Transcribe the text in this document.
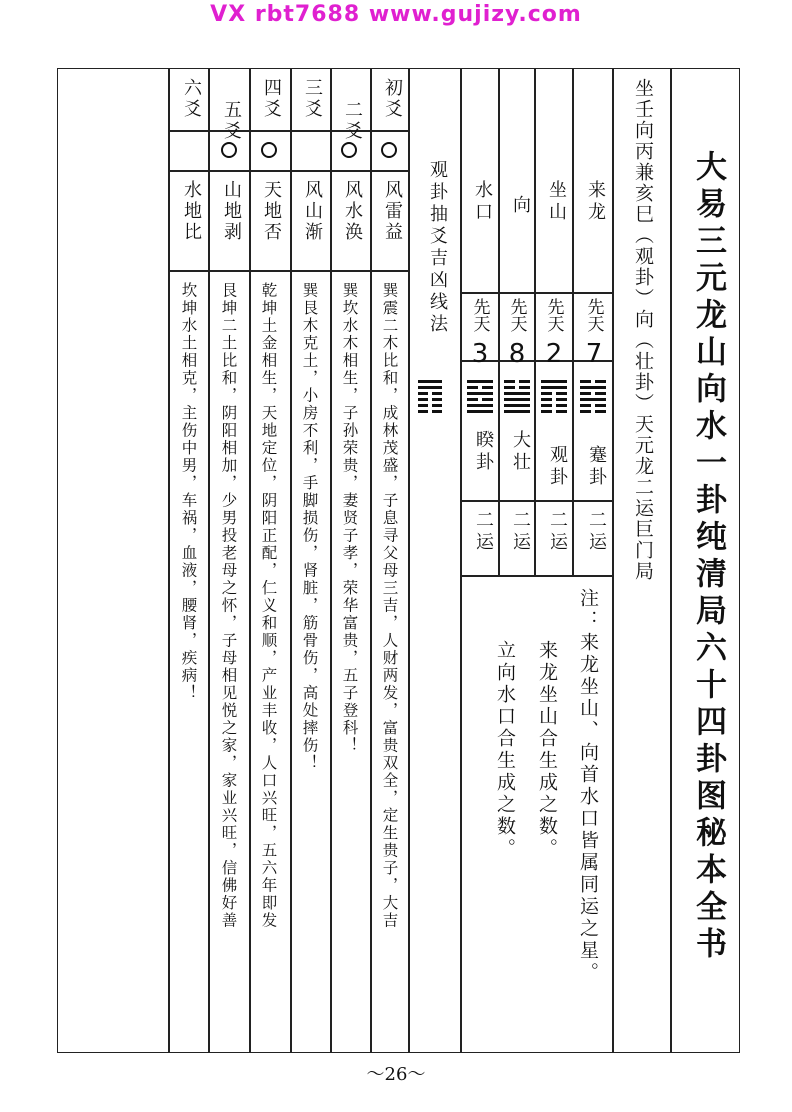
VX rbt7688 www.gujizy.com
大易三元龙山向水一卦纯清局六十四卦图秘本全书
坐壬向丙兼亥巳（观卦）向（壮卦）天元龙二运巨门局
注：来龙坐山、向首水口皆属同运之星。
来龙坐山合生成之数。
立向水口合生成之数。
来龙
先天
7
蹇卦
二运
坐山
先天
2
观卦
二运
向
先天
8
大壮
二运
水口
先天
3
睽卦
二运
观卦抽爻吉凶线法
初爻
风雷益
巽震二木比和，成林茂盛，子息寻父母三吉，人财两发，富贵双全，定生贵子，大吉
二爻
风水涣
巽坎水木相生，子孙荣贵，妻贤子孝，荣华富贵，五子登科！
三爻
风山渐
巽艮木克土，小房不利，手脚损伤，肾脏，筋骨伤，高处摔伤！
四爻
天地否
乾坤土金相生，天地定位，阴阳正配，仁义和顺，产业丰收，人口兴旺，五六年即发
五爻
山地剥
艮坤二土比和，阴阳相加，少男投老母之怀，子母相见悦之家，家业兴旺，信佛好善
六爻
水地比
坎坤水土相克，主伤中男，车祸，血液，腰肾，疾病！
～26～
